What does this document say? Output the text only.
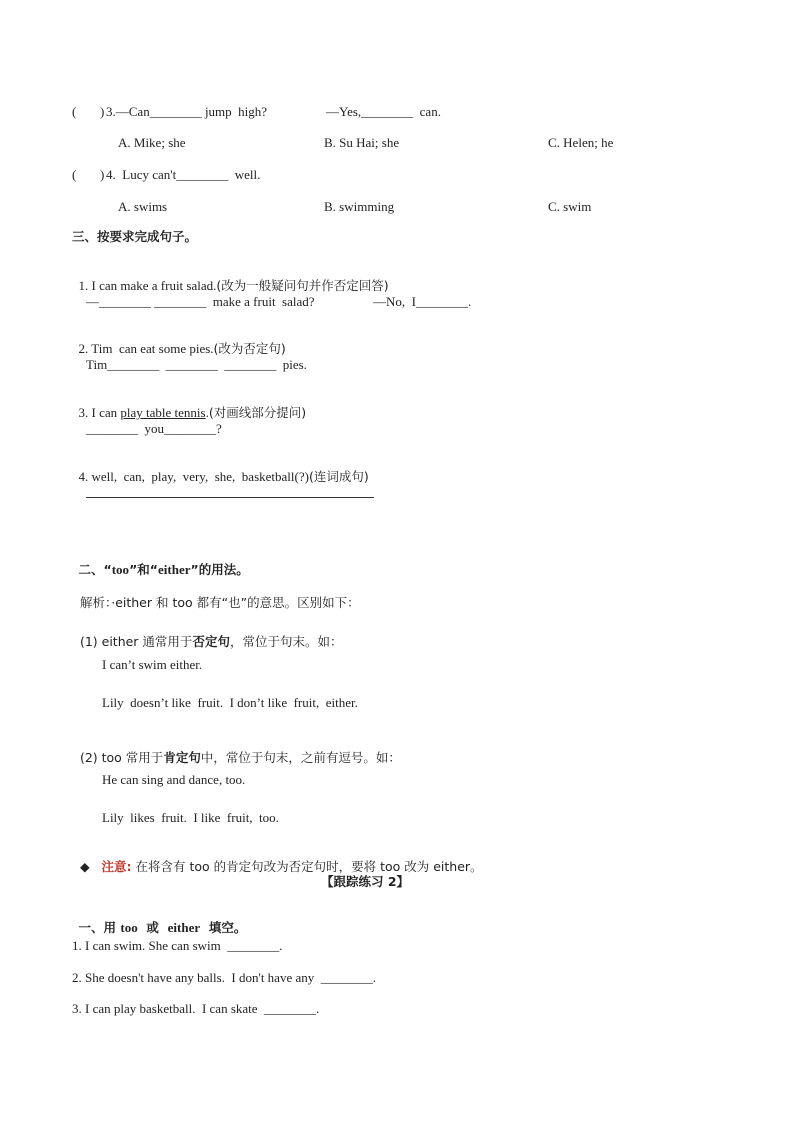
( ) 3.—Can________ jump  high?	—Yes,________  can.
A. Mike; she	B. Su Hai; she	C. Helen; he
( ) 4.  Lucy can't________  well.
A. swims	B. swimming	C. swim
三、按要求完成句子。

1. I can make a fruit salad.(改为一般疑问句并作否定回答)

—________ ________  make a fruit  salad?	—No,  I________.

2. Tim  can eat some pies.(改为否定句)

Tim________  ________  ________  pies.

3. I can play table tennis.(对画线部分提问)

________  you________?

4. well,  can,  play,  very,  she,  basketball(?)(连词成句)

二、“too”和“either”的用法。

解析：·either 和 too 都有“也”的意思。区别如下：

(1) either 通常用于否定句，常位于句末。如：

I can’t swim either.
Lily  doesn’t like  fruit.  I don’t like  fruit,  either.

(2) too 常用于肯定句中，常位于句末，之前有逗号。如：

He can sing and dance, too.
Lily  likes  fruit.  I like  fruit,  too.

◆ 注意: 在将含有 too 的肯定句改为否定句时，要将 too 改为 either。

【跟踪练习 2】

一、用 too  或  either  填空。

1. I can swim. She can swim  ________.
2. She doesn't have any balls.  I don't have any  ________.
3. I can play basketball.  I can skate  ________.
